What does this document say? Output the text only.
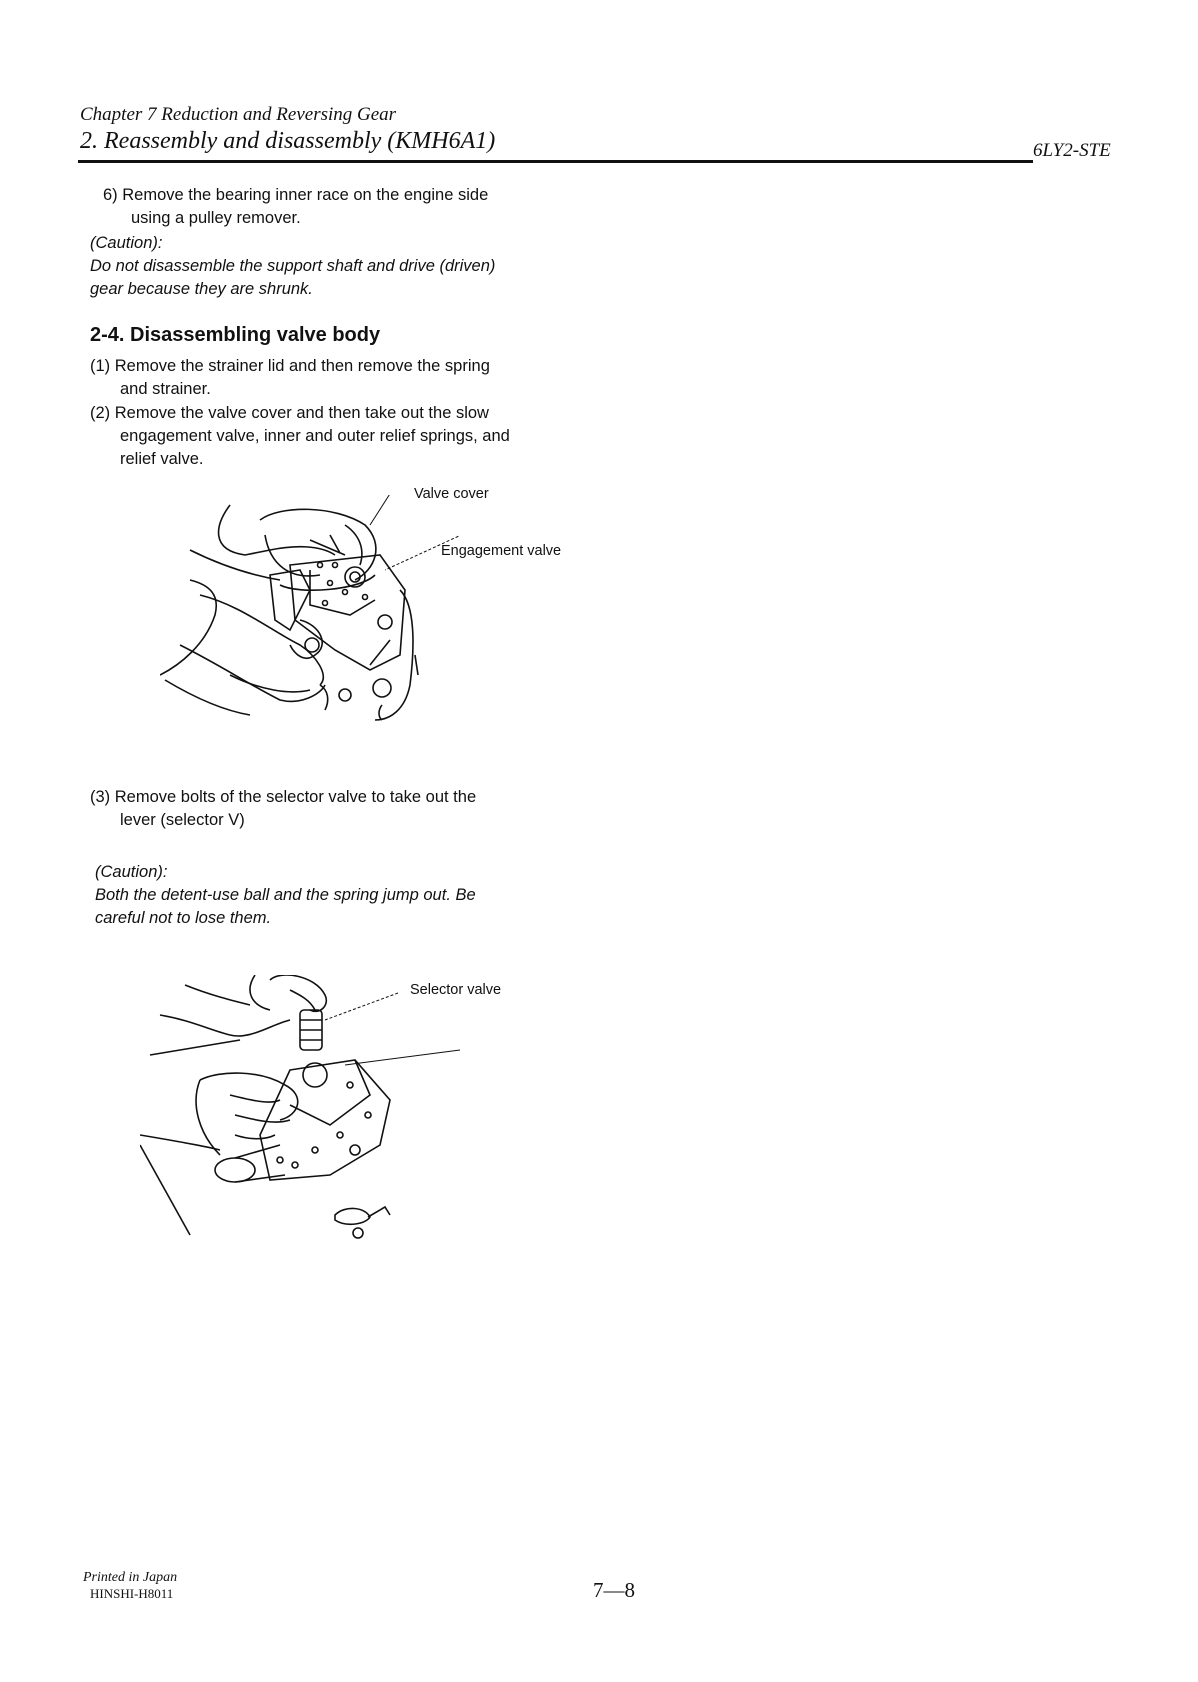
Chapter 7 Reduction and Reversing Gear
2. Reassembly and disassembly (KMH6A1)	6LY2-STE
6) Remove the bearing inner race on the engine side
using a pulley remover.
(Caution):
Do not disassemble the support shaft and drive (driven)
gear because they are shrunk.
2-4. Disassembling valve body
(1) Remove the strainer lid and then remove the spring
and strainer.
(2) Remove the valve cover and then take out the slow
engagement valve, inner and outer relief springs, and
relief valve.
Valve cover
Engagement valve
(3) Remove bolts of the selector valve to take out the
lever (selector V)
(Caution):
Both the detent-use ball and the spring jump out. Be
careful not to lose them.
Selector valve
Printed in Japan
HINSHI-H8011	7—8
